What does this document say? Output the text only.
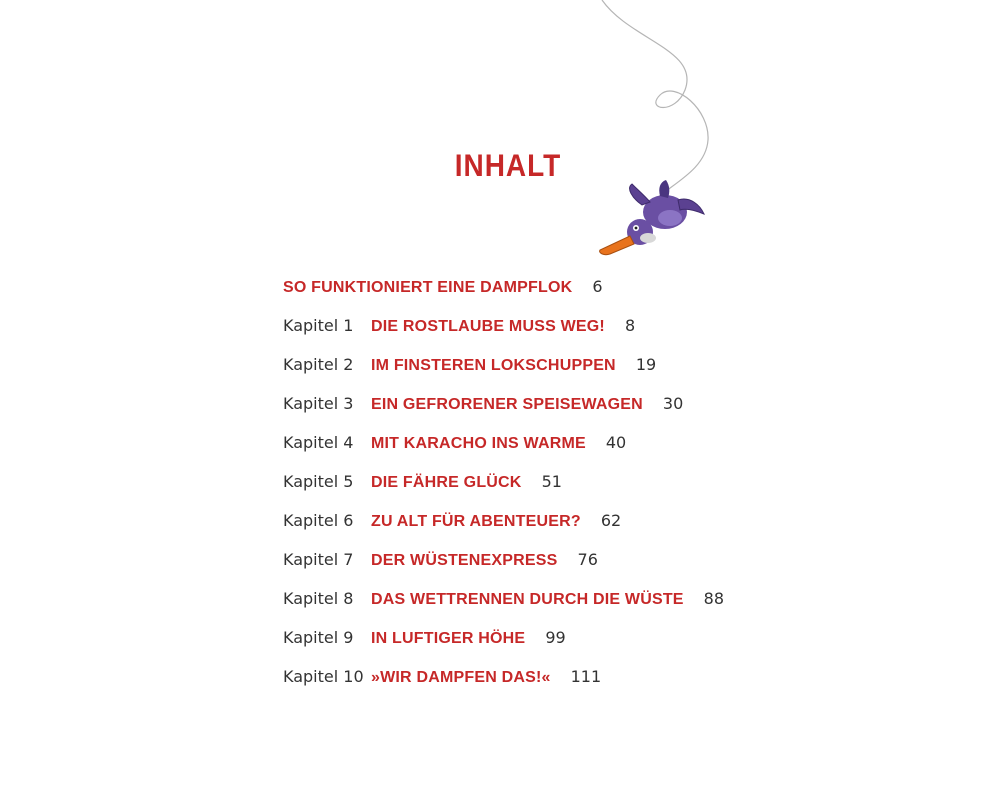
INHALT
SO FUNKTIONIERT EINE DAMPFLOK 6
Kapitel 1	DIE ROSTLAUBE MUSS WEG! 8
Kapitel 2	IM FINSTEREN LOKSCHUPPEN 19
Kapitel 3	EIN GEFRORENER SPEISEWAGEN 30
Kapitel 4	MIT KARACHO INS WARME 40
Kapitel 5	DIE FÄHRE GLÜCK 51
Kapitel 6	ZU ALT FÜR ABENTEUER? 62
Kapitel 7	DER WÜSTENEXPRESS 76
Kapitel 8	DAS WETTRENNEN DURCH DIE WÜSTE 88
Kapitel 9	IN LUFTIGER HÖHE 99
Kapitel 10 »WIR DAMPFEN DAS!« 111
